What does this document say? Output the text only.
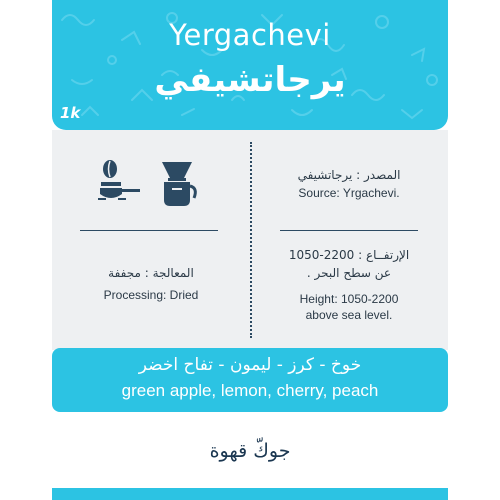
Yergachevi
يرجاتشيفي
1k
المصدر : يرجاتشيفي
Source: Yrgachevi.
الإرتفــاع : 2200-1050
عن سطح البحر .
Height: 1050-2200
above sea level.
المعالجة : مجففة
Processing: Dried
خوخ - كرز - ليمون - تفاح اخضر
green apple, lemon, cherry, peach
جوكّ قهوة
